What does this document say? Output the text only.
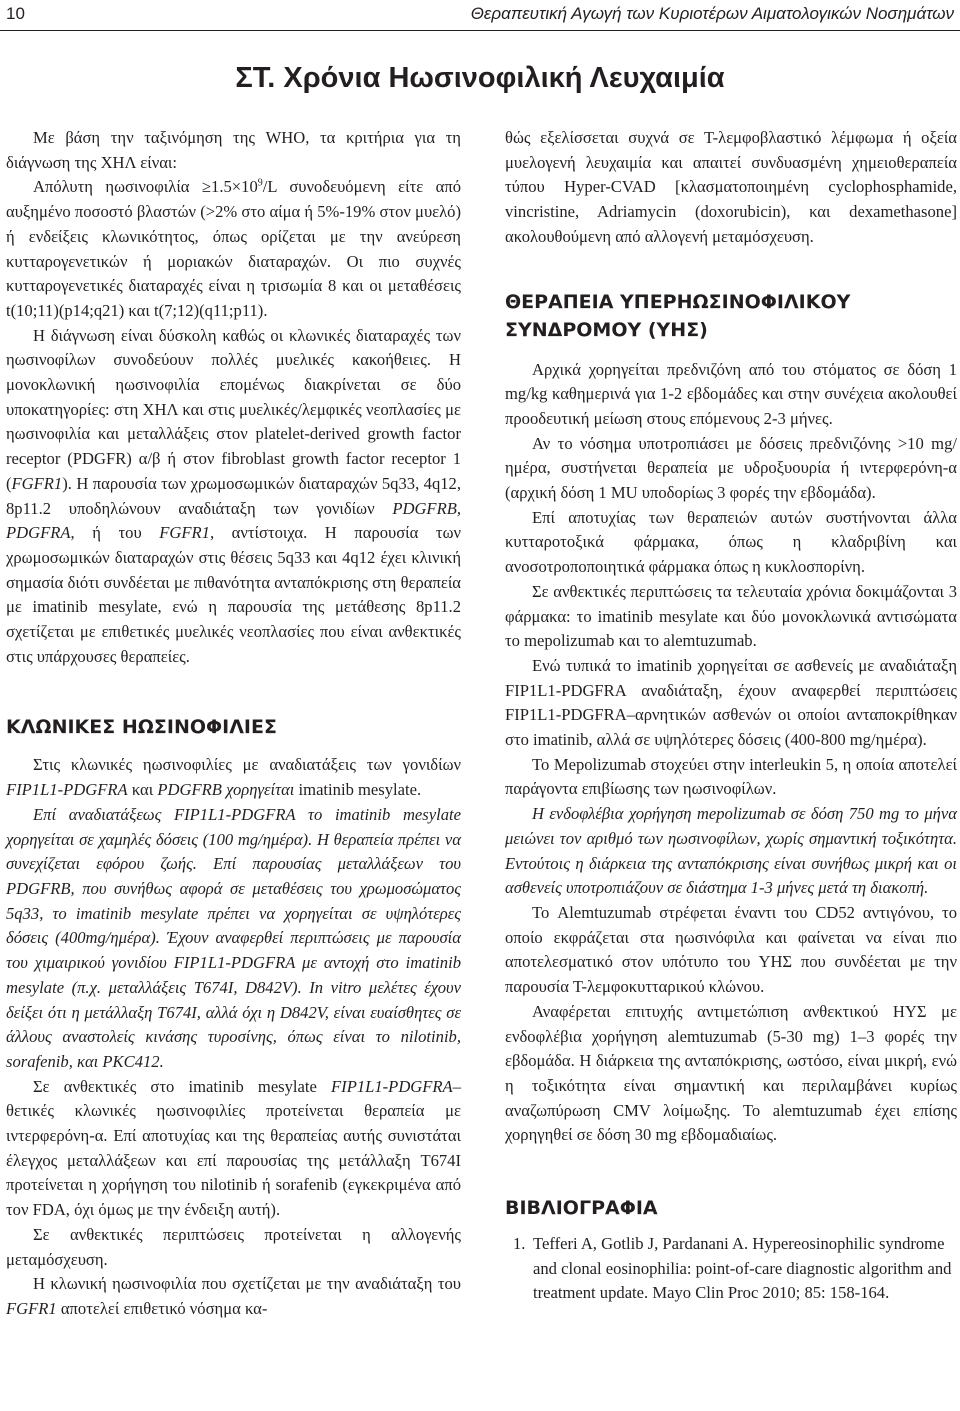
10	Θεραπευτική Αγωγή των Κυριοτέρων Αιματολογικών Νοσημάτων
ΣΤ. Χρόνια Ηωσινοφιλική Λευχαιμία

Με βάση την ταξινόμηση της WHO, τα κριτήρια για τη διάγνωση της ΧΗΛ είναι:

Απόλυτη $\eta\omega\sigma\iota\nu o\varphi\iota\lambda ί\alpha \ge 1.5\times 10^9/L$ συνοδευόμενη είτε από αυξημένο ποσοστό βλαστών (>2% στο αίμα ή 5%-19% στον μυελό) ή ενδείξεις κλωνικότητος, όπως ορίζεται με την ανεύρεση κυτταρογενετικών ή μοριακών διαταραχών. Οι πιο συχνές κυτταρογενετικές διαταραχές είναι η τρισωμία 8 και οι μεταθέσεις t(10;11)(p14;q21) και t(7;12)(q11;p11).

Η διάγνωση είναι δύσκολη καθώς οι κλωνικές διαταραχές των ηωσινοφίλων συνοδεύουν πολλές μυελικές κακοήθειες. Η μονοκλωνική ηωσινοφιλία επομένως διακρίνεται σε δύο υποκατηγορίες: στη ΧΗΛ και στις μυελικές/λεμφικές νεοπλασίες με ηωσινοφιλία και μεταλλάξεις στον platelet-derived growth factor receptor (PDGFR) α/β ή στον fibroblast growth factor receptor 1 (FGFR1). Η παρουσία των χρωμοσωμικών διαταραχών 5q33, 4q12, 8p11.2 υποδηλώνουν αναδιάταξη των γονιδίων PDGFRB, PDGFRA, ή του FGFR1, αντίστοιχα. Η παρουσία των χρωμοσωμικών διαταραχών στις θέσεις 5q33 και 4q12 έχει κλινική σημασία διότι συνδέεται με πιθανότητα ανταπόκρισης στη θεραπεία με imatinib mesylate, ενώ η παρουσία της μετάθεσης 8p11.2 σχετίζεται με επιθετικές μυελικές νεοπλασίες που είναι ανθεκτικές στις υπάρχουσες θεραπείες.

ΚΛΩΝΙΚΕΣ ΗΩΣΙΝΟΦΙΛΙΕΣ

Στις κλωνικές ηωσινοφιλίες με αναδιατάξεις των γονιδίων FIP1L1-PDGFRA και PDGFRB χορηγείται imatinib mesylate.

Επί αναδιατάξεως FIP1L1-PDGFRA το imatinib mesylate χορηγείται σε χαμηλές δόσεις (100 mg/ημέρα). Η θεραπεία πρέπει να συνεχίζεται εφόρου ζωής. Επί παρουσίας μεταλλάξεων του PDGFRB, που συνήθως αφορά σε μεταθέσεις του χρωμοσώματος 5q33, το imatinib mesylate πρέπει να χορηγείται σε υψηλότερες δόσεις (400mg/ημέρα). Έχουν αναφερθεί περιπτώσεις με παρουσία του χιμαιρικού γονιδίου FIP1L1-PDGFRA με αντοχή στο imatinib mesylate (π.χ. μεταλλάξεις T674I, D842V). In vitro μελέτες έχουν δείξει ότι η μετάλλαξη T674I, αλλά όχι η D842V, είναι ευαίσθητες σε άλλους αναστολείς κινάσης τυροσίνης, όπως είναι το nilotinib, sorafenib, και PKC412.

Σε ανθεκτικές στο imatinib mesylate FIP1L1-PDGFRA– θετικές κλωνικές ηωσινοφιλίες προτείνεται θεραπεία με ιντερφερόνη-α. Επί αποτυχίας και της θεραπείας αυτής συνιστάται έλεγχος μεταλλάξεων και επί παρουσίας της μετάλλαξη T674I προτείνεται η χορήγηση του nilotinib ή sorafenib (εγκεκριμένα από τον FDA, όχι όμως με την ένδειξη αυτή).

Σε ανθεκτικές περιπτώσεις προτείνεται η αλλογενής μεταμόσχευση.

Η κλωνική ηωσινοφιλία που σχετίζεται με την αναδιάταξη του FGFR1 αποτελεί επιθετικό νόσημα κα-

θώς εξελίσσεται συχνά σε Τ-λεμφοβλαστικό λέμφωμα ή οξεία μυελογενή λευχαιμία και απαιτεί συνδυασμένη χημειοθεραπεία τύπου Hyper-CVAD [κλασματοποιημένη cyclophosphamide, vincristine, Adriamycin (doxorubicin), και dexamethasone] ακολουθούμενη από αλλογενή μεταμόσχευση.

ΘΕΡΑΠΕΙΑ ΥΠΕΡΗΩΣΙΝΟΦΙΛΙΚΟΥ ΣΥΝΔΡΟΜΟΥ (ΥΗΣ)

Αρχικά χορηγείται πρεδνιζόνη από του στόματος σε δόση 1 mg/kg καθημερινά για 1-2 εβδομάδες και στην συνέχεια ακολουθεί προοδευτική μείωση στους επόμενους 2-3 μήνες.

Αν το νόσημα υποτροπιάσει με δόσεις πρεδνιζόνης >10 mg/ημέρα, συστήνεται θεραπεία με υδροξυουρία ή ιντερφερόνη-α (αρχική δόση 1 MU υποδορίως 3 φορές την εβδομάδα).

Επί αποτυχίας των θεραπειών αυτών συστήνονται άλλα κυτταροτοξικά φάρμακα, όπως η κλαδριβίνη και ανοσοτροποποιητικά φάρμακα όπως η κυκλοσπορίνη.

Σε ανθεκτικές περιπτώσεις τα τελευταία χρόνια δοκιμάζονται 3 φάρμακα: το imatinib mesylate και δύο μονοκλωνικά αντισώματα το mepolizumab και το alemtuzumab.

Ενώ τυπικά το imatinib χορηγείται σε ασθενείς με αναδιάταξη FIP1L1-PDGFRA αναδιάταξη, έχουν αναφερθεί περιπτώσεις FIP1L1-PDGFRA–αρνητικών ασθενών οι οποίοι ανταποκρίθηκαν στο imatinib, αλλά σε υψηλότερες δόσεις (400-800 mg/ημέρα).

Το Mepolizumab στοχεύει στην interleukin 5, η οποία αποτελεί παράγοντα επιβίωσης των ηωσινοφίλων.

Η ενδοφλέβια χορήγηση mepolizumab σε δόση 750 mg το μήνα μειώνει τον αριθμό των ηωσινοφίλων, χωρίς σημαντική τοξικότητα. Εντούτοις η διάρκεια της ανταπόκρισης είναι συνήθως μικρή και οι ασθενείς υποτροπιάζουν σε διάστημα 1-3 μήνες μετά τη διακοπή.

Το Alemtuzumab στρέφεται έναντι του CD52 αντιγόνου, το οποίο εκφράζεται στα ηωσινόφιλα και φαίνεται να είναι πιο αποτελεσματικό στον υπότυπο του ΥΗΣ που συνδέεται με την παρουσία Τ-λεμφοκυτταρικού κλώνου.

Αναφέρεται επιτυχής αντιμετώπιση ανθεκτικού ΗΥΣ με ενδοφλέβια χορήγηση alemtuzumab (5-30 mg) 1–3 φορές την εβδομάδα. Η διάρκεια της ανταπόκρισης, ωστόσο, είναι μικρή, ενώ η τοξικότητα είναι σημαντική και περιλαμβάνει κυρίως αναζωπύρωση CMV λοίμωξης. Το alemtuzumab έχει επίσης χορηγηθεί σε δόση 30 mg εβδομαδιαίως.

ΒΙΒΛΙΟΓΡΑΦΙΑ
1. Tefferi A, Gotlib J, Pardanani A. Hypereosinophilic syndrome and clonal eosinophilia: point-of-care diagnostic algorithm and treatment update. Mayo Clin Proc 2010; 85: 158-164.
